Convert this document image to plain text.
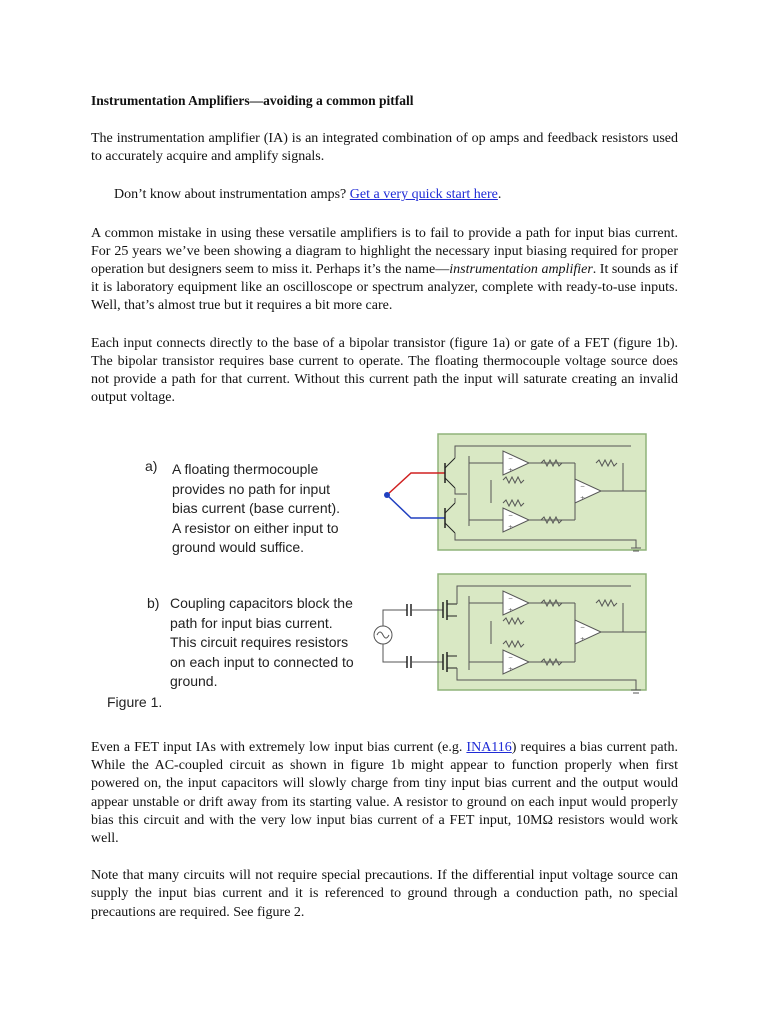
Instrumentation Amplifiers—avoiding a common pitfall

The instrumentation amplifier (IA) is an integrated combination of op amps and feedback resistors used to accurately acquire and amplify signals.

Don’t know about instrumentation amps? Get a very quick start here.

A common mistake in using these versatile amplifiers is to fail to provide a path for input bias current. For 25 years we’ve been showing a diagram to highlight the necessary input biasing required for proper operation but designers seem to miss it. Perhaps it’s the name—instrumentation amplifier. It sounds as if it is laboratory equipment like an oscilloscope or spectrum analyzer, complete with ready-to-use inputs. Well, that’s almost true but it requires a bit more care.

Each input connects directly to the base of a bipolar transistor (figure 1a) or gate of a FET (figure 1b). The bipolar transistor requires base current to operate. The floating thermocouple voltage source does not provide a path for that current. Without this current path the input will saturate creating an invalid output voltage.

a) A floating thermocouple
provides no path for input
bias current (base current).
A resistor on either input to
ground would suffice.
b) Coupling capacitors block the
path for input bias current.
This circuit requires resistors
on each input to connected to
ground.
Figure 1.
−
+

Even a FET input IAs with extremely low input bias current (e.g. INA116) requires a bias current path. While the AC-coupled circuit as shown in figure 1b might appear to function properly when first powered on, the input capacitors will slowly charge from tiny input bias current and the output would appear unstable or drift away from its starting value. A resistor to ground on each input would properly bias this circuit and with the very low input bias current of a FET input, 10MΩ resistors would work well.

Note that many circuits will not require special precautions. If the differential input voltage source can supply the input bias current and it is referenced to ground through a conduction path, no special precautions are required. See figure 2.
